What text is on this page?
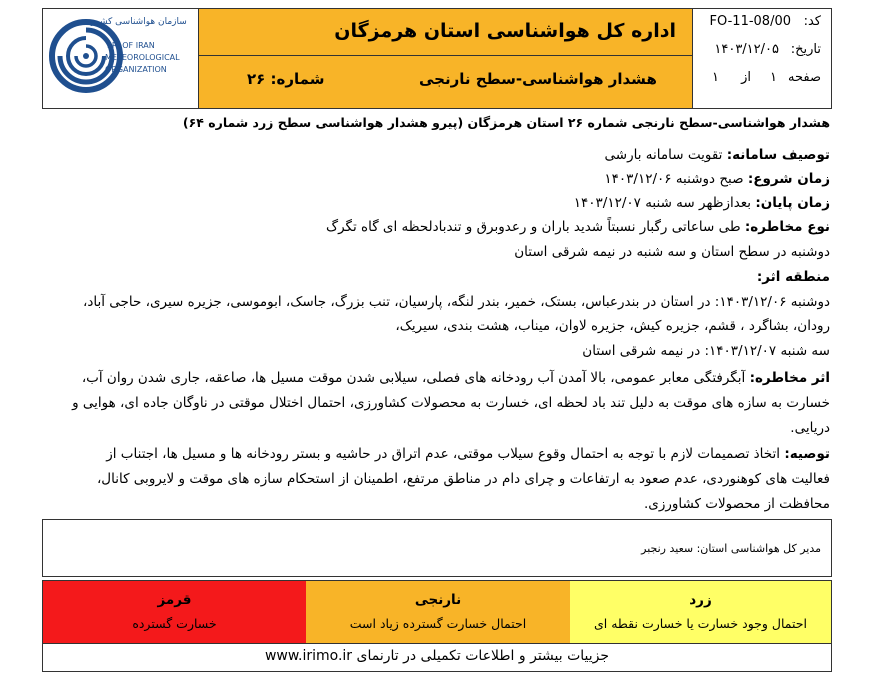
سازمان هواشناسی کشور
I.R. OF IRAN
METEOROLOGICAL
ORGANIZATION
اداره کل هواشناسی استان هرمزگان
هشدار هواشناسی-سطح نارنجی
شماره: ۲۶
کد:
FO-11-08/00
تاریخ:
۱۴۰۳/۱۲/۰۵
صفحه
۱
از
۱
هشدار هواشناسی-سطح نارنجی شماره ۲۶ استان هرمزگان (پیرو هشدار هواشناسی سطح زرد شماره ۶۴)
توصیف سامانه: تقویت سامانه بارشی
زمان شروع: صبح دوشنبه ۱۴۰۳/۱۲/۰۶
زمان پایان: بعدازظهر سه شنبه ۱۴۰۳/۱۲/۰۷
نوع مخاطره: طی ساعاتی رگبار نسبتاً شدید باران و رعدوبرق و تندبادلحظه ای گاه تگرگ
دوشنبه در سطح استان و سه شنبه در نیمه شرقی استان
منطقه اثر:
دوشنبه ۱۴۰۳/۱۲/۰۶: در استان در بندرعباس، بستک، خمیر، بندر لنگه، پارسیان، تنب بزرگ، جاسک، ابوموسی، جزیره سیری، حاجی آباد،
رودان، بشاگرد ، قشم، جزیره کیش، جزیره لاوان، میناب، هشت بندی، سیریک،
سه شنبه ۱۴۰۳/۱۲/۰۷: در نیمه شرقی استان
اثر مخاطره: آبگرفتگی معابر عمومی، بالا آمدن آب رودخانه های فصلی، سیلابی شدن موقت مسیل ها، صاعقه، جاری شدن روان آب،
خسارت به سازه های موقت به دلیل تند باد لحظه ای، خسارت به محصولات کشاورزی، احتمال اختلال موقتی در ناوگان جاده ای، هوایی و
دریایی.
توصیه: اتخاذ تصمیمات لازم با توجه به احتمال وقوع سیلاب موقتی، عدم اتراق در حاشیه و بستر رودخانه ها و مسیل ها، اجتناب از
فعالیت های کوهنوردی، عدم صعود به ارتفاعات و چرای دام در مناطق مرتفع، اطمینان از استحکام سازه های موقت و لایروبی کانال،
محافظت از محصولات کشاورزی.
مدیر کل هواشناسی استان: سعید رنجبر
قرمز
خسارت گسترده
نارنجی
احتمال خسارت گسترده زیاد است
زرد
احتمال وجود خسارت یا خسارت نقطه ای
جزییات بیشتر و اطلاعات تکمیلی در تارنمای www.irimo.ir
